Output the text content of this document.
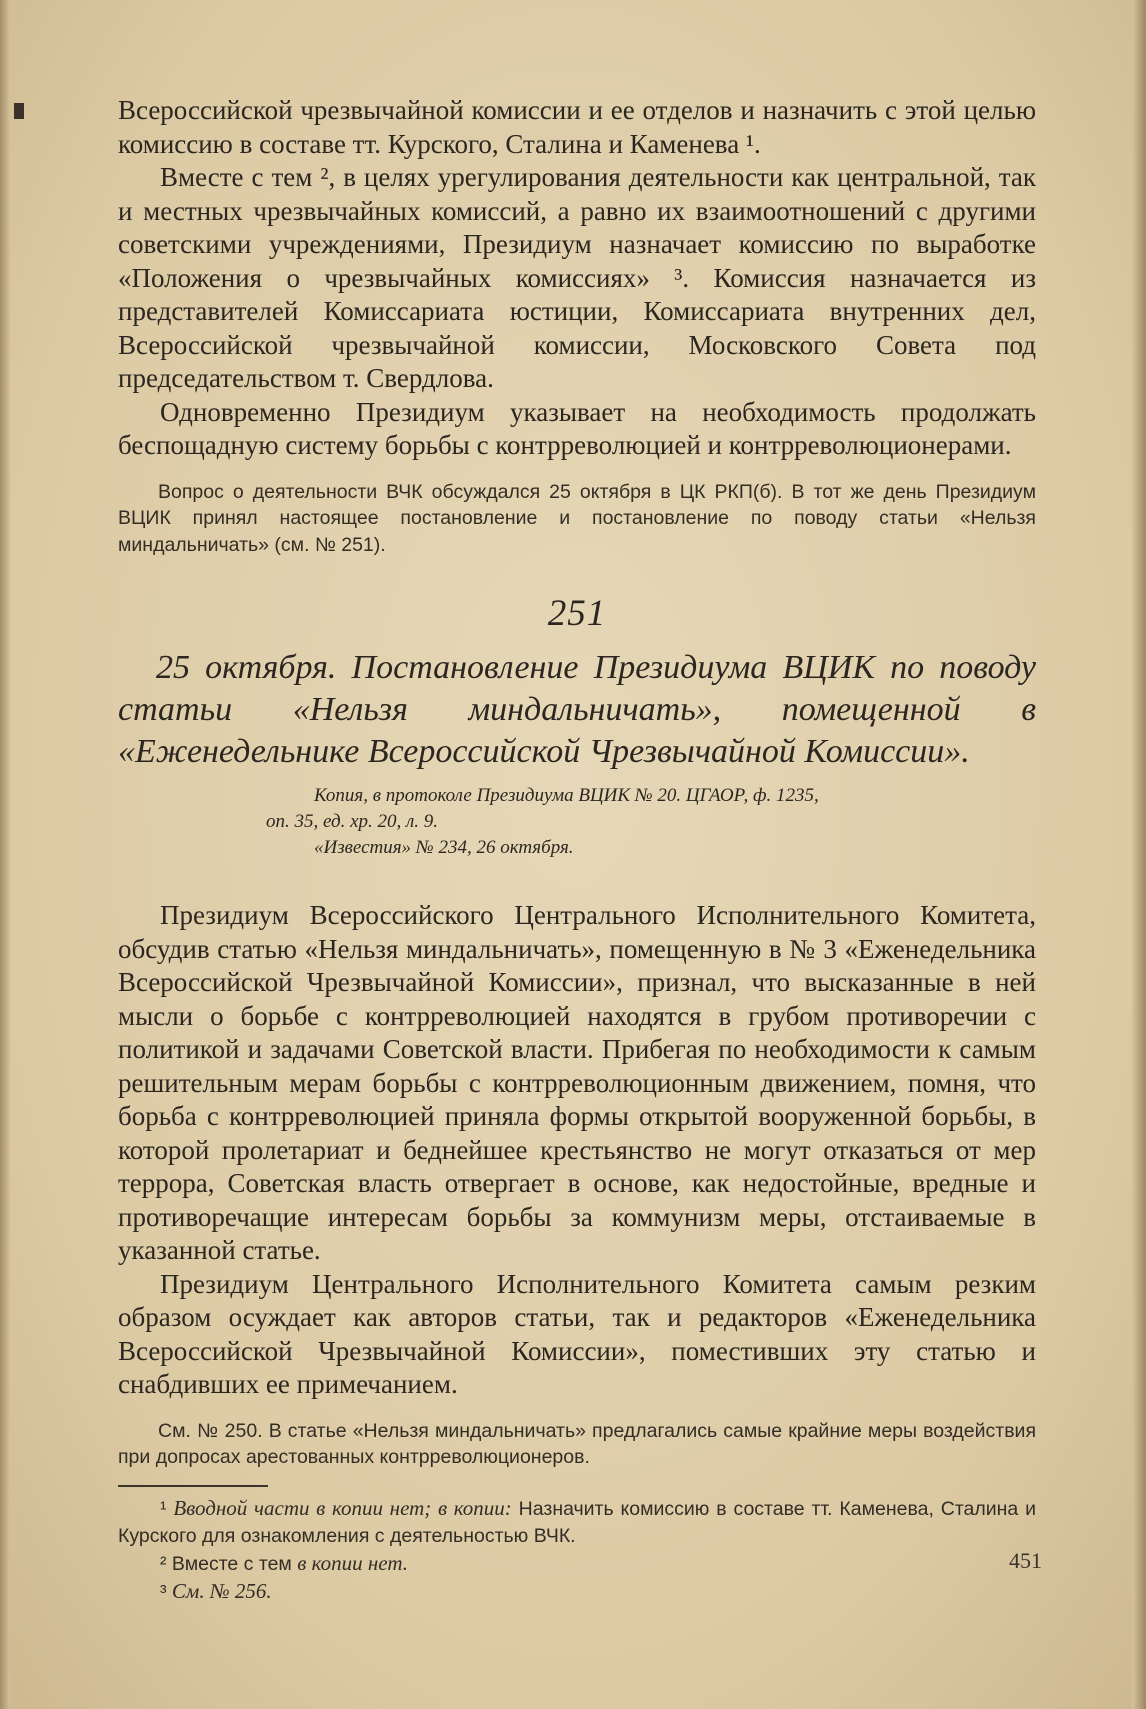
Всероссийской чрезвычайной комиссии и ее отделов и назначить с этой целью комиссию в составе тт. Курского, Сталина и Каменева ¹.

Вместе с тем ², в целях урегулирования деятельности как центральной, так и местных чрезвычайных комиссий, а равно их взаимоотношений с другими советскими учреждениями, Президиум назначает комиссию по выработке «Положения о чрезвычайных комиссиях» ³. Комиссия назначается из представителей Комиссариата юстиции, Комиссариата внутренних дел, Всероссийской чрезвычайной комиссии, Московского Совета под председательством т. Свердлова.

Одновременно Президиум указывает на необходимость продолжать беспощадную систему борьбы с контрреволюцией и контрреволюционерами.

Вопрос о деятельности ВЧК обсуждался 25 октября в ЦК РКП(б). В тот же день Президиум ВЦИК принял настоящее постановление и постановление по поводу статьи «Нельзя миндальничать» (см. № 251).

251
25 октября. Постановление Президиума ВЦИК по поводу статьи «Нельзя миндальничать», помещенной в «Еженедельнике Всероссийской Чрезвычайной Комиссии».
Копия, в протоколе Президиума ВЦИК № 20. ЦГАОР, ф. 1235,
оп. 35, ед. хр. 20, л. 9.
«Известия» № 234, 26 октября.

Президиум Всероссийского Центрального Исполнительного Комитета, обсудив статью «Нельзя миндальничать», помещенную в № 3 «Еженедельника Всероссийской Чрезвычайной Комиссии», признал, что высказанные в ней мысли о борьбе с контрреволюцией находятся в грубом противоречии с политикой и задачами Советской власти. Прибегая по необходимости к самым решительным мерам борьбы с контрреволюционным движением, помня, что борьба с контрреволюцией приняла формы открытой вооруженной борьбы, в которой пролетариат и беднейшее крестьянство не могут отказаться от мер террора, Советская власть отвергает в основе, как недостойные, вредные и противоречащие интересам борьбы за коммунизм меры, отстаиваемые в указанной статье.

Президиум Центрального Исполнительного Комитета самым резким образом осуждает как авторов статьи, так и редакторов «Еженедельника Всероссийской Чрезвычайной Комиссии», поместивших эту статью и снабдивших ее примечанием.

См. № 250. В статье «Нельзя миндальничать» предлагались самые крайние меры воздействия при допросах арестованных контрреволюционеров.

¹ Вводной части в копии нет; в копии: Назначить комиссию в составе тт. Каменева, Сталина и Курского для ознакомления с деятельностью ВЧК.

² Вместе с тем в копии нет.

³ См. № 256.

451
